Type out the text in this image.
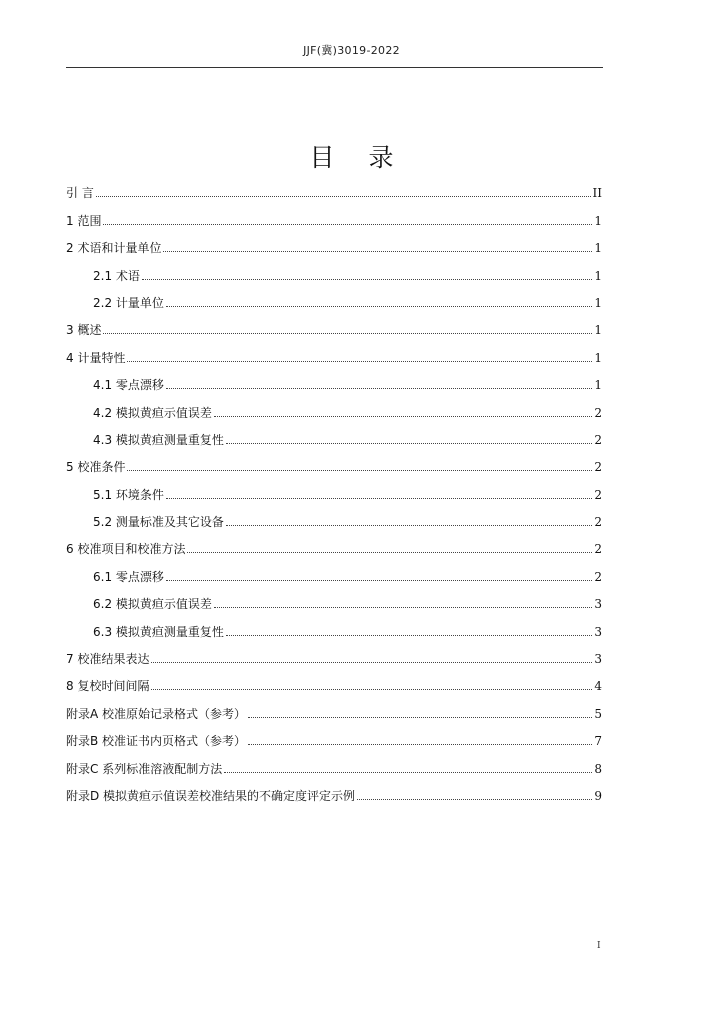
JJF(冀)3019-2022
目录
引 言	II
1 范围	1
2 术语和计量单位	1
2.1 术语	1
2.2 计量单位	1
3 概述	1
4 计量特性	1
4.1 零点漂移	1
4.2 模拟黄疸示值误差	2
4.3 模拟黄疸测量重复性	2
5 校准条件	2
5.1 环境条件	2
5.2 测量标准及其它设备	2
6 校准项目和校准方法	2
6.1 零点漂移	2
6.2 模拟黄疸示值误差	3
6.3 模拟黄疸测量重复性	3
7 校准结果表达	3
8 复校时间间隔	4
附录A 校准原始记录格式（参考）	5
附录B 校准证书内页格式（参考）	7
附录C 系列标准溶液配制方法	8
附录D 模拟黄疸示值误差校准结果的不确定度评定示例	9
I
